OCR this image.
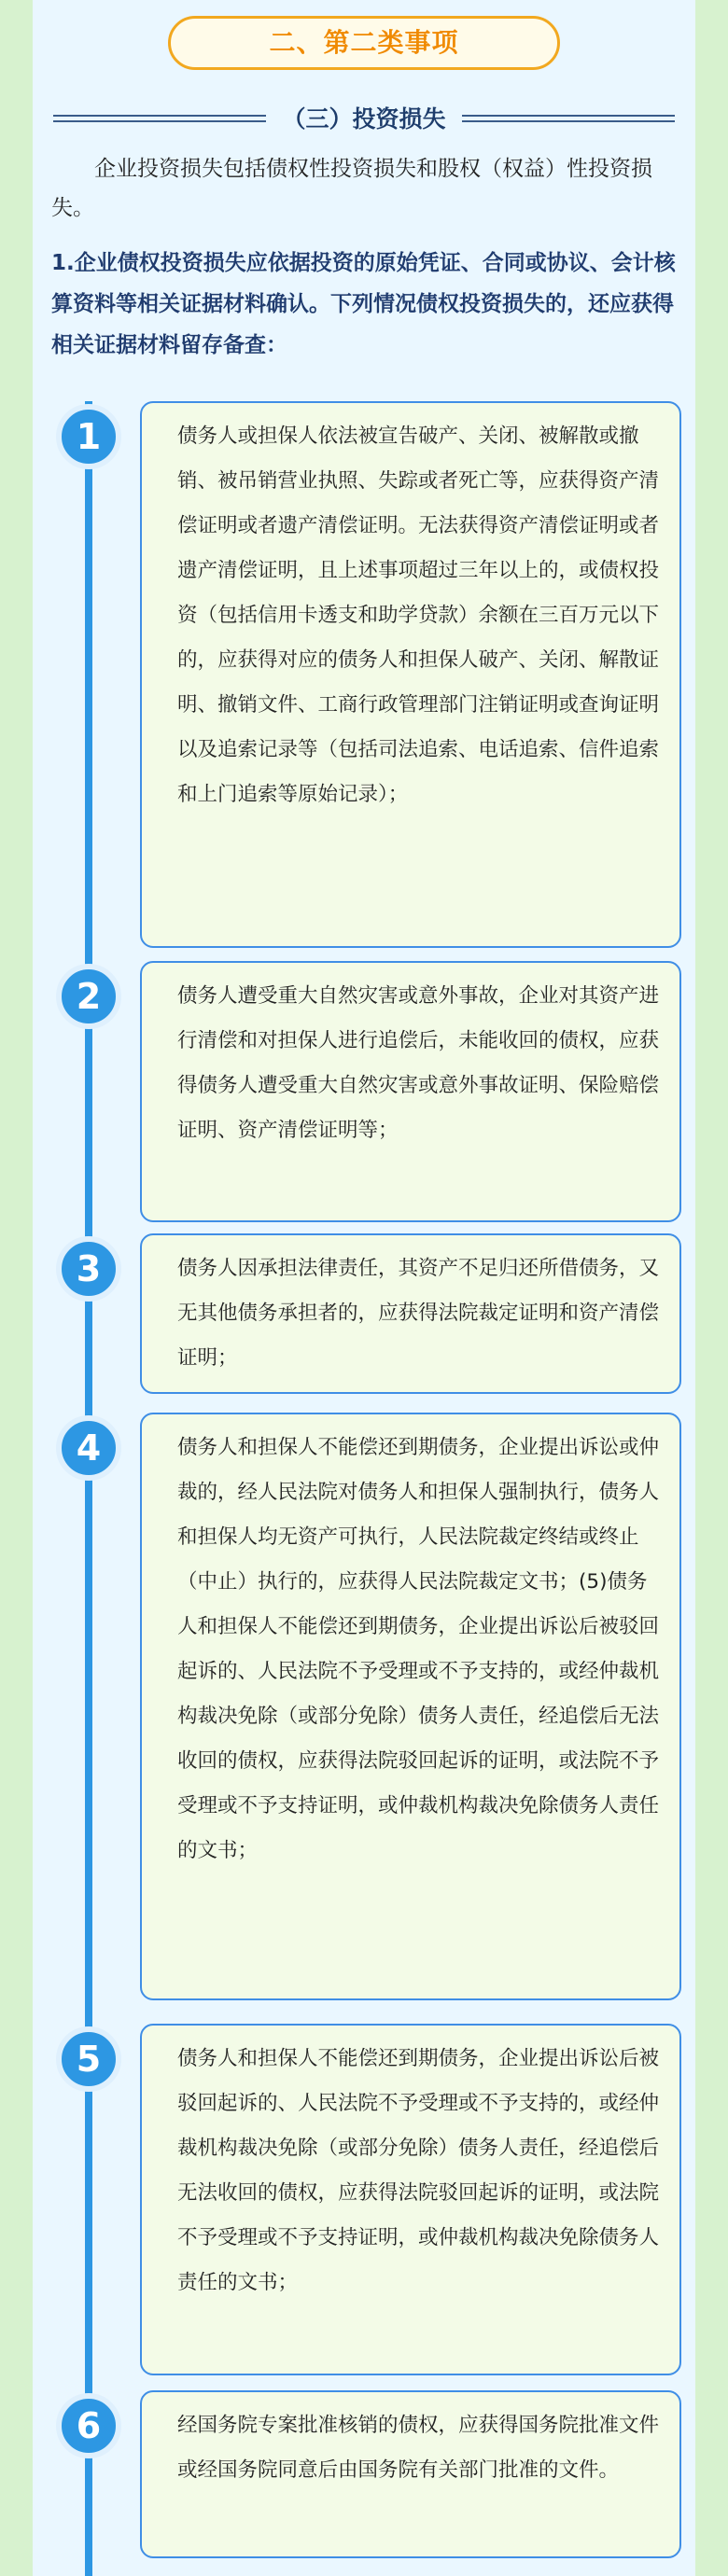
二、第二类事项
（三）投资损失
企业投资损失包括债权性投资损失和股权（权益）性投资损失。
1.企业债权投资损失应依据投资的原始凭证、合同或协议、会计核算资料等相关证据材料确认。下列情况债权投资损失的，还应获得相关证据材料留存备查：
1	债务人或担保人依法被宣告破产、关闭、被解散或撤销、被吊销营业执照、失踪或者死亡等，应获得资产清偿证明或者遗产清偿证明。无法获得资产清偿证明或者遗产清偿证明，且上述事项超过三年以上的，或债权投资（包括信用卡透支和助学贷款）余额在三百万元以下的，应获得对应的债务人和担保人破产、关闭、解散证明、撤销文件、工商行政管理部门注销证明或查询证明以及追索记录等（包括司法追索、电话追索、信件追索和上门追索等原始记录）；
2	债务人遭受重大自然灾害或意外事故，企业对其资产进行清偿和对担保人进行追偿后，未能收回的债权，应获得债务人遭受重大自然灾害或意外事故证明、保险赔偿证明、资产清偿证明等；
3	债务人因承担法律责任，其资产不足归还所借债务，又无其他债务承担者的，应获得法院裁定证明和资产清偿证明；
4	债务人和担保人不能偿还到期债务，企业提出诉讼或仲裁的，经人民法院对债务人和担保人强制执行，债务人和担保人均无资产可执行，人民法院裁定终结或终止（中止）执行的，应获得人民法院裁定文书；(5)债务人和担保人不能偿还到期债务，企业提出诉讼后被驳回起诉的、人民法院不予受理或不予支持的，或经仲裁机构裁决免除（或部分免除）债务人责任，经追偿后无法收回的债权，应获得法院驳回起诉的证明，或法院不予受理或不予支持证明，或仲裁机构裁决免除债务人责任的文书；
5	债务人和担保人不能偿还到期债务，企业提出诉讼后被驳回起诉的、人民法院不予受理或不予支持的，或经仲裁机构裁决免除（或部分免除）债务人责任，经追偿后无法收回的债权，应获得法院驳回起诉的证明，或法院不予受理或不予支持证明，或仲裁机构裁决免除债务人责任的文书；
6	经国务院专案批准核销的债权，应获得国务院批准文件或经国务院同意后由国务院有关部门批准的文件。
